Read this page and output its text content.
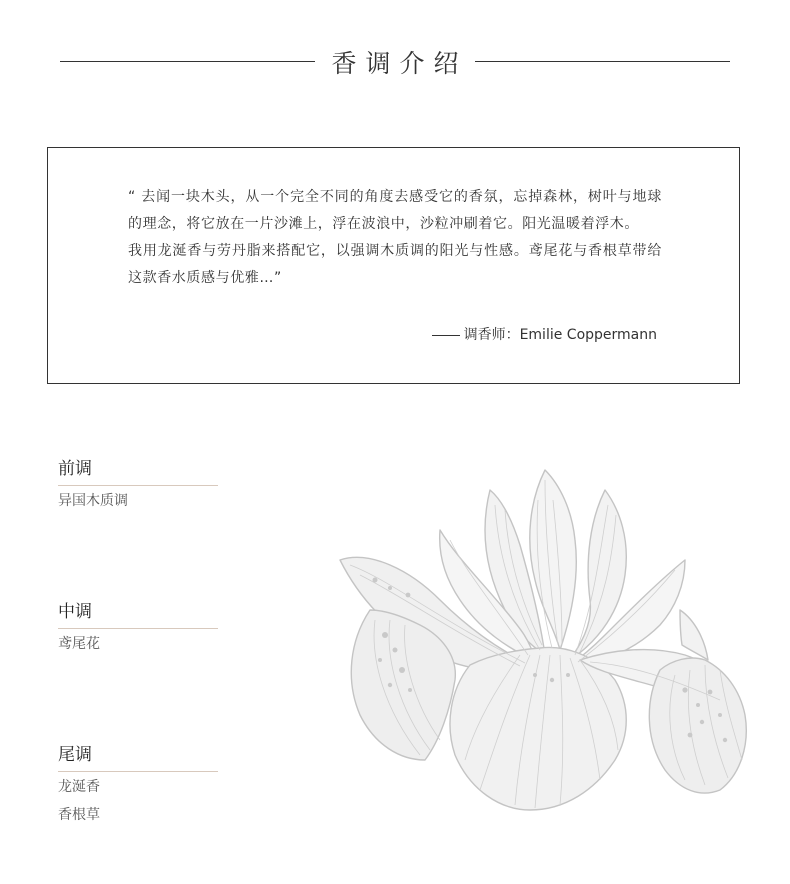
香调介绍

“ 去闻一块木头，从一个完全不同的角度去感受它的香氛，忘掉森林，树叶与地球的理念，将它放在一片沙滩上，浮在波浪中，沙粒冲刷着它。阳光温暖着浮木。

我用龙涎香与劳丹脂来搭配它，以强调木质调的阳光与性感。鸢尾花与香根草带给这款香水质感与优雅…”

调香师：Emilie Coppermann
前调
异国木质调
中调
鸢尾花
尾调
龙涎香
香根草
